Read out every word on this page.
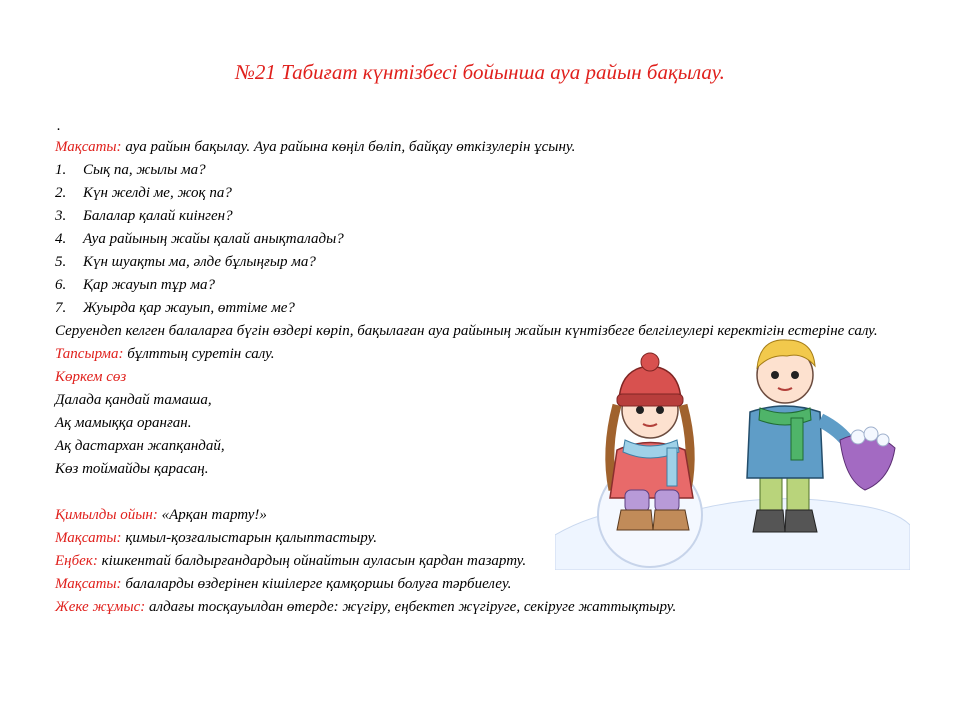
№21 Табиғат күнтізбесі бойынша ауа райын бақылау.
.
Мақсаты: ауа райын бақылау. Ауа райына көңіл бөліп, байқау өткізулерін ұсыну.
1. Сық па, жылы ма?
2. Күн желді ме, жоқ па?
3. Балалар қалай киінген?
4. Ауа райының жайы қалай анықталады?
5. Күн шуақты ма, әлде бұлыңғыр ма?
6. Қар жауып тұр ма?
7. Жуырда қар жауып, өттіме ме?
Серуендеп келген балаларға бүгін өздері көріп, бақылаған ауа райының жайын күнтізбеге белгілеулері керектігін естеріне салу.
Тапсырма: бұлттың суретін салу.
Көркем сөз
Далада қандай тамаша,
Ақ мамыққа оранған.
Ақ дастархан жапқандай,
Көз тоймайды қарасаң.
Қимылды ойын: «Арқан тарту!»
Мақсаты: қимыл-қозғалыстарын қалыптастыру.
Еңбек: кішкентай балдырғандардың ойнайтын ауласын қардан тазарту.
Мақсаты: балаларды өздерінен кішілерге қамқоршы болуға тәрбиелеу.
Жеке жұмыс: алдағы тосқауылдан өтерде: жүгіру, еңбектеп жүгіруге, секіруге жаттықтыру.
